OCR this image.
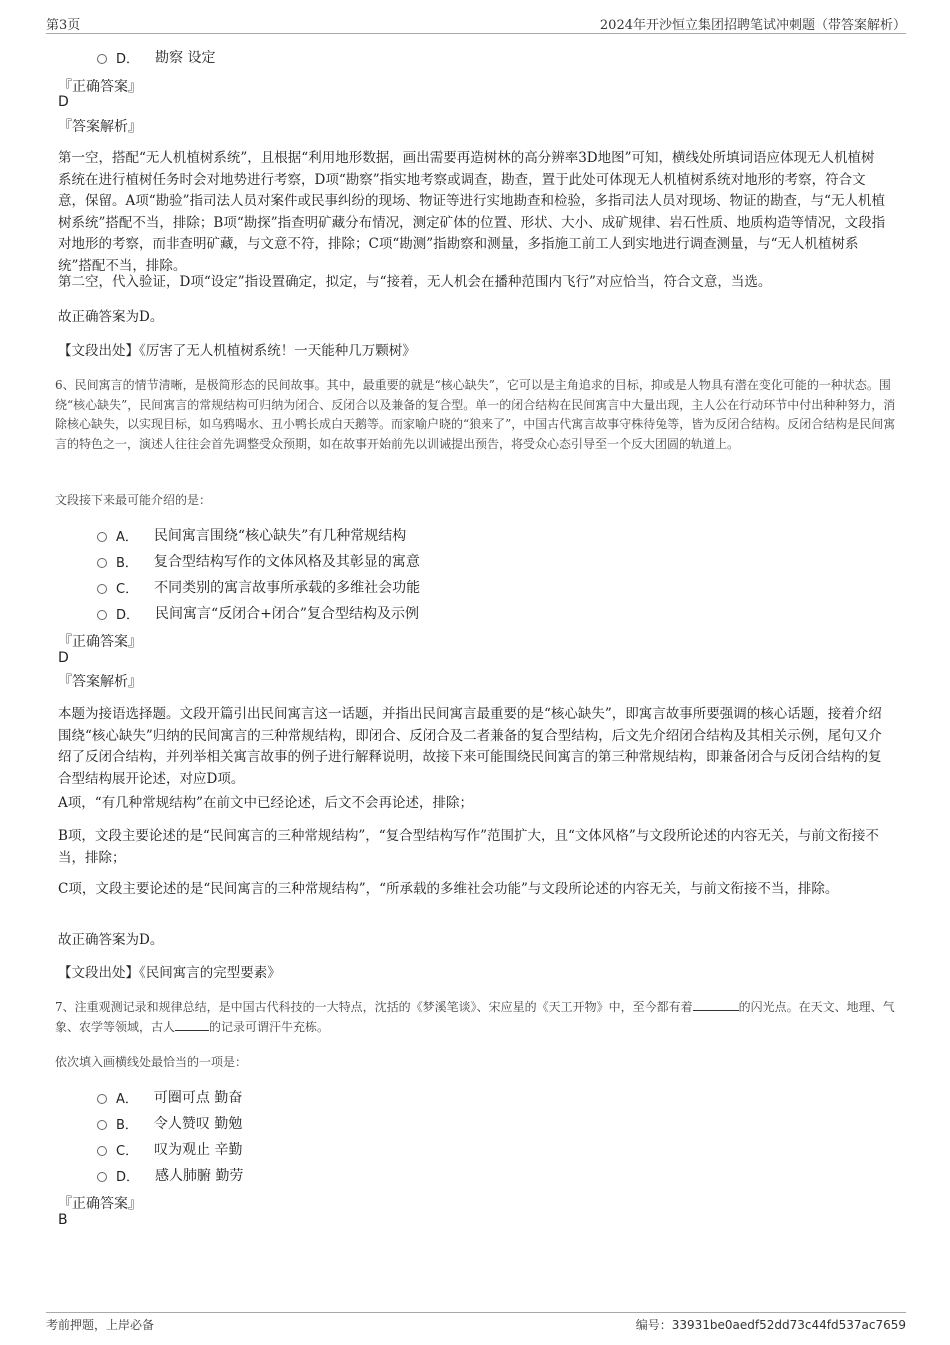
第3页	2024年开沙恒立集团招聘笔试冲刺题（带答案解析）
D． 勘察 设定
『正确答案』
D
『答案解析』
第一空，搭配“无人机植树系统”，且根据“利用地形数据，画出需要再造树林的高分辨率3D地图”可知，横线处所填词语应体现无人机植树系统在进行植树任务时会对地势进行考察，D项“勘察”指实地考察或调查，勘查，置于此处可体现无人机植树系统对地形的考察，符合文意，保留。A项“勘验”指司法人员对案件或民事纠纷的现场、物证等进行实地勘查和检验，多指司法人员对现场、物证的勘查，与“无人机植树系统”搭配不当，排除；B项“勘探”指查明矿藏分布情况，测定矿体的位置、形状、大小、成矿规律、岩石性质、地质构造等情况，文段指对地形的考察，而非查明矿藏，与文意不符，排除；C项“勘测”指勘察和测量，多指施工前工人到实地进行调查测量，与“无人机植树系统”搭配不当，排除。
第二空，代入验证，D项“设定”指设置确定，拟定，与“接着，无人机会在播种范围内飞行”对应恰当，符合文意，当选。
故正确答案为D。
【文段出处】《厉害了无人机植树系统！一天能种几万颗树》
6、民间寓言的情节清晰，是极简形态的民间故事。其中，最重要的就是“核心缺失”，它可以是主角追求的目标，抑或是人物具有潜在变化可能的一种状态。围绕“核心缺失”，民间寓言的常规结构可归纳为闭合、反闭合以及兼备的复合型。单一的闭合结构在民间寓言中大量出现，主人公在行动环节中付出种种努力，消除核心缺失，以实现目标，如乌鸦喝水、丑小鸭长成白天鹅等。而家喻户晓的“狼来了”，中国古代寓言故事守株待兔等，皆为反闭合结构。反闭合结构是民间寓言的特色之一，演述人往往会首先调整受众预期，如在故事开始前先以训诫提出预告，将受众心态引导至一个反大团圆的轨道上。
文段接下来最可能介绍的是：
A． 民间寓言围绕“核心缺失”有几种常规结构
B． 复合型结构写作的文体风格及其彰显的寓意
C． 不同类别的寓言故事所承载的多维社会功能
D． 民间寓言“反闭合+闭合”复合型结构及示例
『正确答案』
D
『答案解析』
本题为接语选择题。文段开篇引出民间寓言这一话题，并指出民间寓言最重要的是“核心缺失”，即寓言故事所要强调的核心话题，接着介绍围绕“核心缺失”归纳的民间寓言的三种常规结构，即闭合、反闭合及二者兼备的复合型结构，后文先介绍闭合结构及其相关示例，尾句又介绍了反闭合结构，并列举相关寓言故事的例子进行解释说明，故接下来可能围绕民间寓言的第三种常规结构，即兼备闭合与反闭合结构的复合型结构展开论述，对应D项。
A项，“有几种常规结构”在前文中已经论述，后文不会再论述，排除；
B项，文段主要论述的是“民间寓言的三种常规结构”，“复合型结构写作”范围扩大，且“文体风格”与文段所论述的内容无关，与前文衔接不当，排除；
C项，文段主要论述的是“民间寓言的三种常规结构”，“所承载的多维社会功能”与文段所论述的内容无关，与前文衔接不当，排除。
故正确答案为D。
【文段出处】《民间寓言的完型要素》
7、注重观测记录和规律总结，是中国古代科技的一大特点，沈括的《梦溪笔谈》、宋应星的《天工开物》中，至今都有着	的闪光点。在天文、地理、气象、农学等领域，古人	的记录可谓汗牛充栋。
依次填入画横线处最恰当的一项是：
A． 可圈可点 勤奋
B． 令人赞叹 勤勉
C． 叹为观止 辛勤
D． 感人肺腑 勤劳
『正确答案』
B
考前押题，上岸必备	编号：33931be0aedf52dd73c44fd537ac7659
